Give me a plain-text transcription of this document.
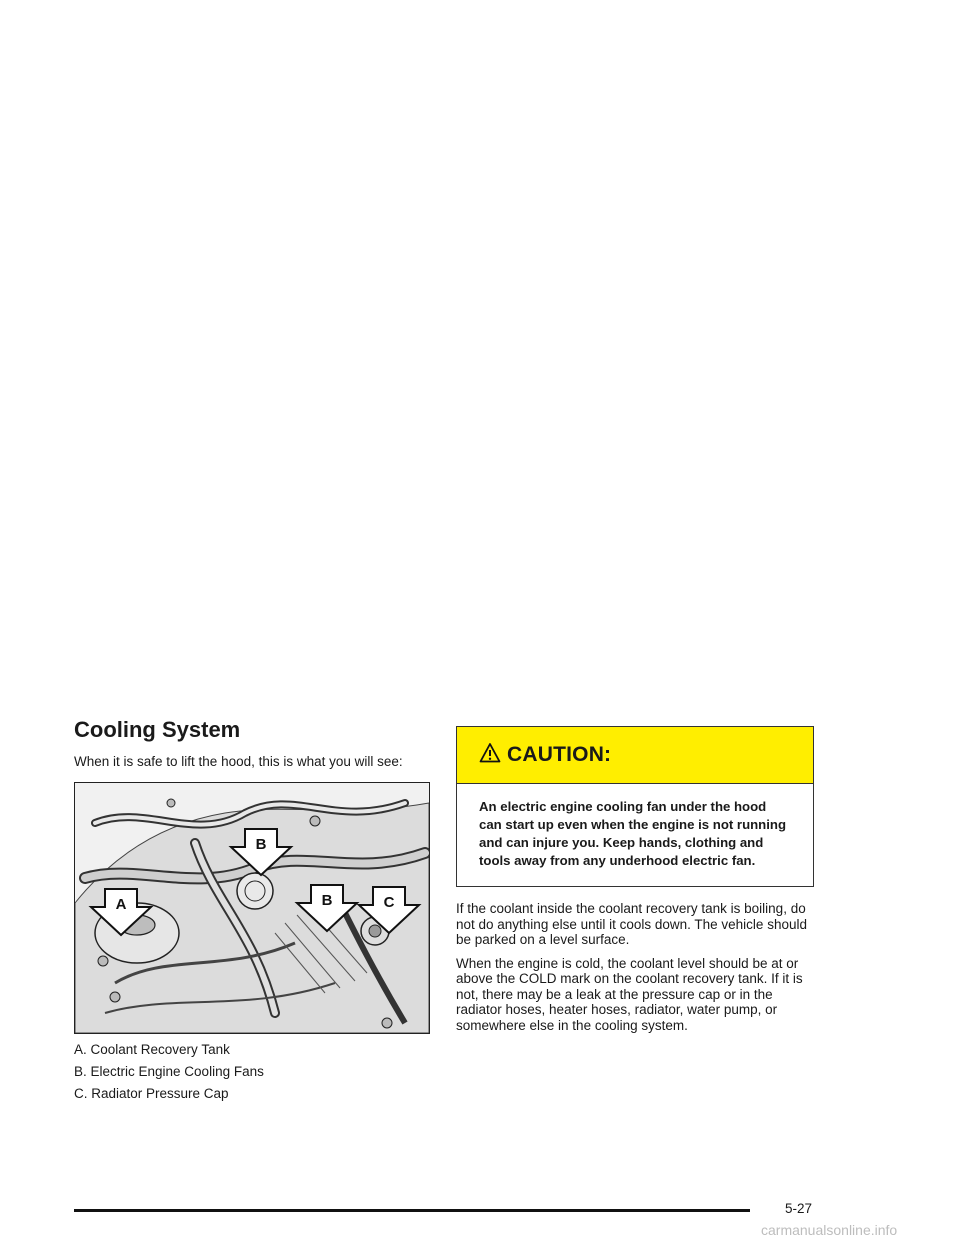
Cooling System

When it is safe to lift the hood, this is what you will see:

A
B
B	C
A. Coolant Recovery Tank
B. Electric Engine Cooling Fans
C. Radiator Pressure Cap
CAUTION:

An electric engine cooling fan under the hood can start up even when the engine is not running and can injure you. Keep hands, clothing and tools away from any underhood electric fan.

If the coolant inside the coolant recovery tank is boiling, do not do anything else until it cools down. The vehicle should be parked on a level surface.

When the engine is cold, the coolant level should be at or above the COLD mark on the coolant recovery tank. If it is not, there may be a leak at the pressure cap or in the radiator hoses, heater hoses, radiator, water pump, or somewhere else in the cooling system.

5-27
carmanualsonline.info
